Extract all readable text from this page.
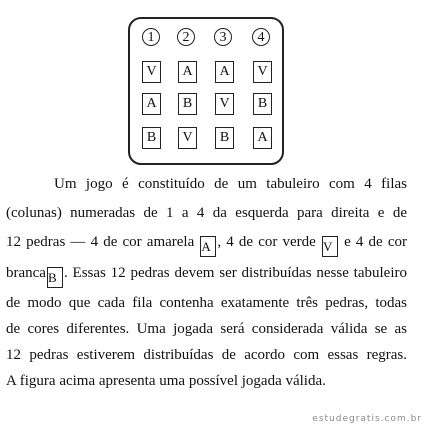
1	2	3	4
V	A	A	V
A	B	V	B
B	V	B	A
Um jogo é constituído de um tabuleiro com 4 filas
(colunas) numeradas de 1 a 4 da esquerda para direita e de
12 pedras — 4 de cor amarela A , 4 de cor verde V e 4 de cor
branca B . Essas 12 pedras devem ser distribuídas nesse tabuleiro
de modo que cada fila contenha exatamente três pedras, todas
de cores diferentes. Uma jogada será considerada válida se as
12 pedras estiverem distribuídas de acordo com essas regras.
A figura acima apresenta uma possível jogada válida.
estudegratis.com.br
